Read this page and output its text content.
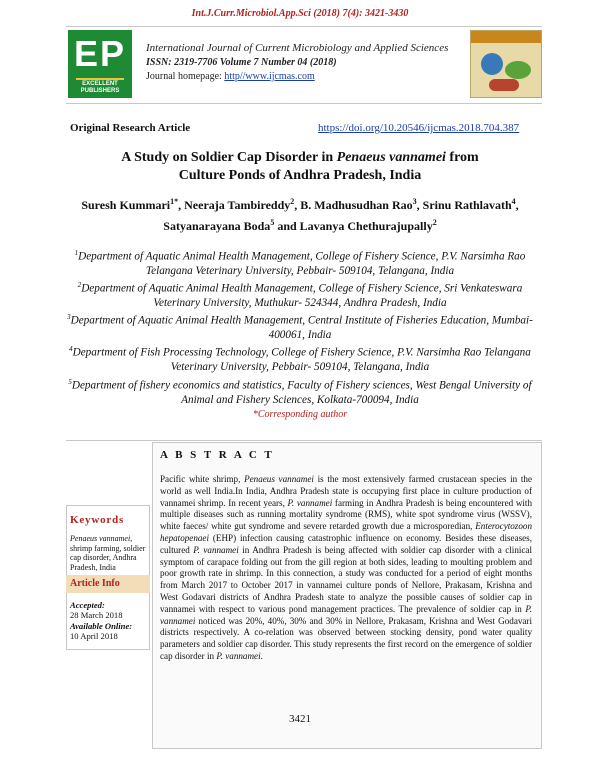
Int.J.Curr.Microbiol.App.Sci (2018) 7(4): 3421-3430
EP
EXCELLENT PUBLISHERS
International Journal of Current Microbiology and Applied Sciences
ISSN: 2319-7706 Volume 7 Number 04 (2018)
Journal homepage: http//www.ijcmas.com
Original Research Article	https://doi.org/10.20546/ijcmas.2018.704.387
A Study on Soldier Cap Disorder in Penaeus vannamei from
Culture Ponds of Andhra Pradesh, India
Suresh Kummari$^{1*}$, Neeraja Tambireddy$^2$, B. Madhusudhan Rao$^3$, Srinu Rathlavath$^4$,
Satyanarayana Boda$^5$ and Lavanya Chethurajupally$^2$
$^1$Department of Aquatic Animal Health Management, College of Fishery Science, P.V. Narsimha Rao Telangana Veterinary University, Pebbair- 509104, Telangana, India
$^2$Department of Aquatic Animal Health Management, College of Fishery Science, Sri Venkateswara Veterinary University, Muthukur- 524344, Andhra Pradesh, India
$^3$Department of Aquatic Animal Health Management, Central Institute of Fisheries Education, Mumbai- 400061, India
$^4$Department of Fish Processing Technology, College of Fishery Science, P.V. Narsimha Rao Telangana Veterinary University, Pebbair- 509104, Telangana, India
$^5$Department of fishery economics and statistics, Faculty of Fishery sciences, West Bengal University of Animal and Fishery Sciences, Kolkata-700094, India
*Corresponding author
A B S T R A C T
Pacific white shrimp, Penaeus vannamei is the most extensively farmed crustacean species in the world as well India.In India, Andhra Pradesh state is occupying first place in culture production of vannamei shrimp. In recent years, P. vannamei farming in Andhra Pradesh is being encountered with multiple diseases such as running mortality syndrome (RMS), white spot syndrome virus (WSSV), white faeces/ white gut syndrome and severe retarded growth due a microsporedian, Enterocytozoon hepatopenaei (EHP) infection causing catastrophic influence on economy. Besides these diseases, cultured P. vannamei in Andhra Pradesh is being affected with soldier cap disorder with a clinical symptom of carapace folding out from the gill region at both sides, leading to moulting problem and poor growth rate in shrimp. In this connection, a study was conducted for a period of eight months from March 2017 to October 2017 in vannamei culture ponds of Nellore, Prakasam, Krishna and West Godavari districts of Andhra Pradesh state to analyze the possible causes of soldier cap in vannamei with respect to various pond management practices. The prevalence of soldier cap in P. vannamei noticed was 20%, 40%, 30% and 30% in Nellore, Prakasam, Krishna and West Godavari districts respectively. A co-relation was observed between stocking density, pond water quality parameters and soldier cap disorder. This study represents the first record on the emergence of soldier cap disorder in P. vannamei.
Keywords
Penaeus vannamei, shrimp farming, soldier cap disorder, Andhra Pradesh, India
Article Info
Accepted:
28 March 2018
Available Online:
10 April 2018
3421
